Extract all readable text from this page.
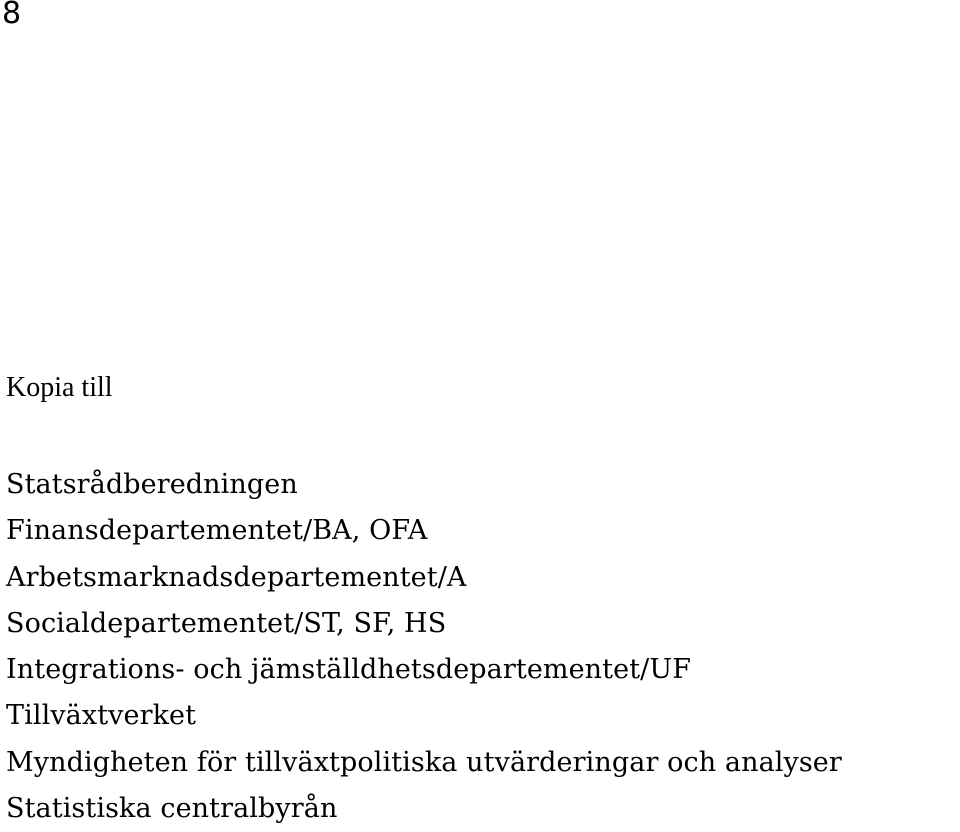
8
Kopia till
Statsrådberedningen
Finansdepartementet/BA, OFA
Arbetsmarknadsdepartementet/A
Socialdepartementet/ST, SF, HS
Integrations- och jämställdhetsdepartementet/UF
Tillväxtverket
Myndigheten för tillväxtpolitiska utvärderingar och analyser
Statistiska centralbyrån
